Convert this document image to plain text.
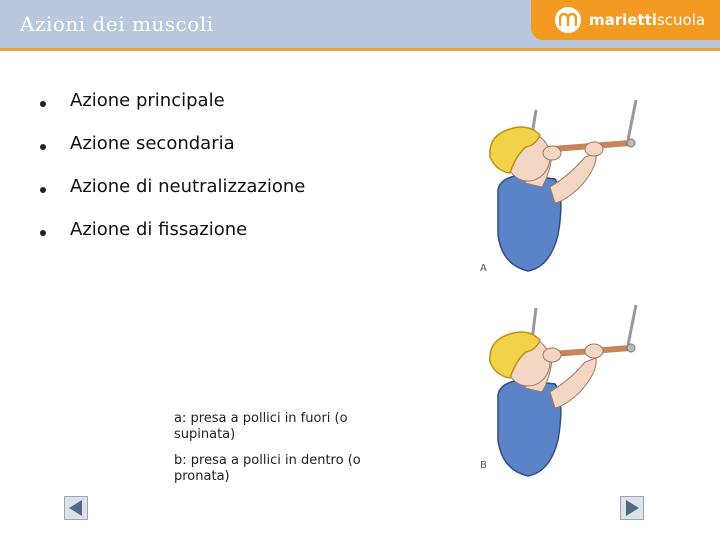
Azioni dei muscoli	mariettiscuola
Azione principale
Azione secondaria
Azione di neutralizzazione
Azione di fissazione

a: presa a pollici in fuori (o supinata)

b: presa a pollici in dentro (o pronata)

A
B
